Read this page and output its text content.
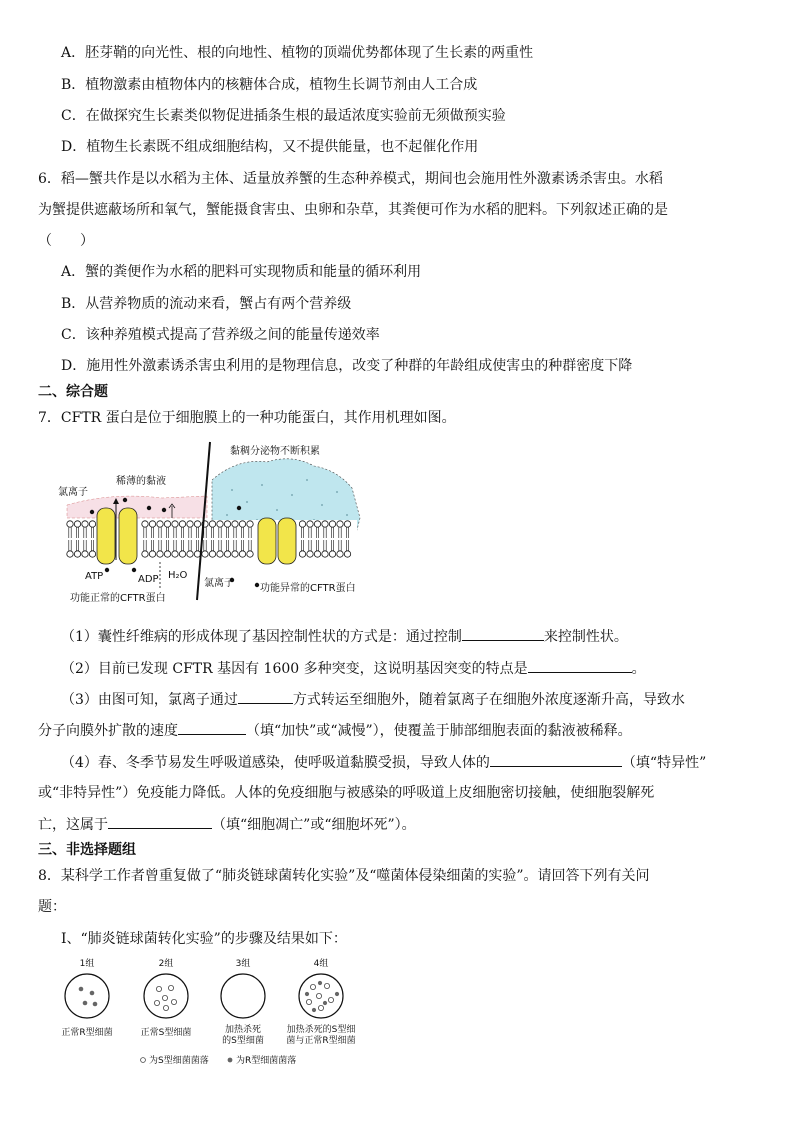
A．胚芽鞘的向光性、根的向地性、植物的顶端优势都体现了生长素的两重性
B．植物激素由植物体内的核糖体合成，植物生长调节剂由人工合成
C．在做探究生长素类似物促进插条生根的最适浓度实验前无须做预实验
D．植物生长素既不组成细胞结构，又不提供能量，也不起催化作用
6．稻—蟹共作是以水稻为主体、适量放养蟹的生态种养模式，期间也会施用性外激素诱杀害虫。水稻
为蟹提供遮蔽场所和氧气，蟹能摄食害虫、虫卵和杂草，其粪便可作为水稻的肥料。下列叙述正确的是
（　　）
A．蟹的粪便作为水稻的肥料可实现物质和能量的循环利用
B．从营养物质的流动来看，蟹占有两个营养级
C．该种养殖模式提高了营养级之间的能量传递效率
D．施用性外激素诱杀害虫利用的是物理信息，改变了种群的年龄组成使害虫的种群密度下降
二、综合题
7．CFTR 蛋白是位于细胞膜上的一种功能蛋白，其作用机理如图。
黏稠分泌物不断积累
稀薄的黏液
氯离子
ATP	ADP H₂O
氯离子
功能正常的CFTR蛋白
功能异常的CFTR蛋白
（1）囊性纤维病的形成体现了基因控制性状的方式是：通过控制	来控制性状。
（2）目前已发现 CFTR 基因有 1600 多种突变，这说明基因突变的特点是	。
（3）由图可知，氯离子通过	方式转运至细胞外，随着氯离子在细胞外浓度逐渐升高，导致水
分子向膜外扩散的速度	（填“加快”或“减慢”），使覆盖于肺部细胞表面的黏液被稀释。
（4）春、冬季节易发生呼吸道感染，使呼吸道黏膜受损，导致人体的	（填“特异性”
或“非特异性”）免疫能力降低。人体的免疫细胞与被感染的呼吸道上皮细胞密切接触，使细胞裂解死
亡，这属于	（填“细胞凋亡”或“细胞坏死”）。
三、非选择题组
8．某科学工作者曾重复做了“肺炎链球菌转化实验”及“噬菌体侵染细菌的实验”。请回答下列有关问
题：
Ⅰ、“肺炎链球菌转化实验”的步骤及结果如下：
1组	2组	3组	4组
正常R型细菌	正常S型细菌	加热杀死
的S型细菌
加热杀死的S型细
菌与正常R型细菌
为S型细菌菌落	为R型细菌菌落
